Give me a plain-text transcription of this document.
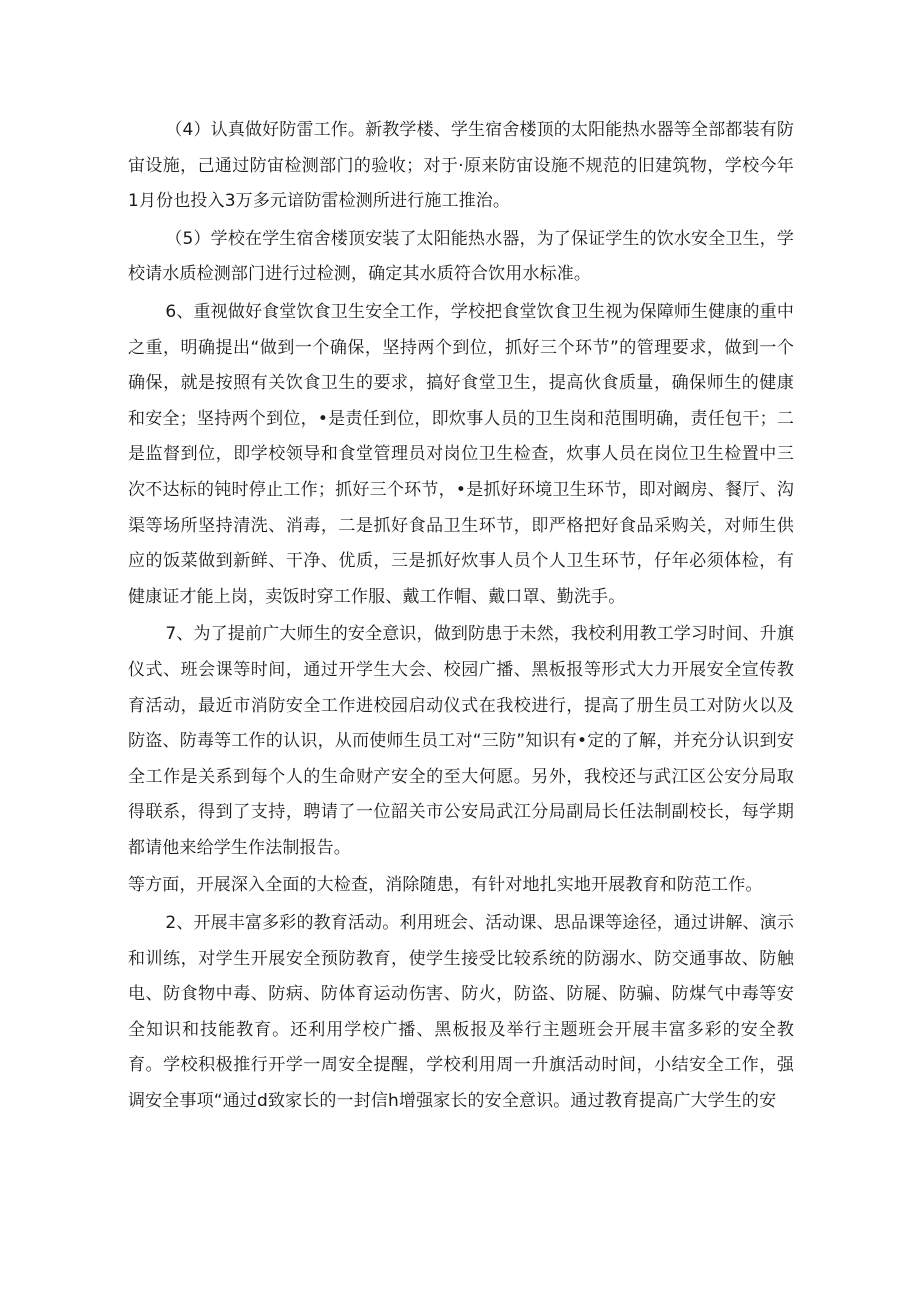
（4）认真做好防雷工作。新教学楼、学生宿舍楼顶的太阳能热水器等全部都装有防宙设施，己通过防宙检测部门的验收；对于·原来防宙设施不规范的旧建筑物，学校今年1月份也投入3万多元谙防雷检测所进行施工推治。

（5）学校在学生宿舍楼顶安装了太阳能热水器，为了保证学生的饮水安全卫生，学校请水质检测部门进行过检测，确定其水质符合饮用水标准。

6、重视做好食堂饮食卫生安全工作，学校把食堂饮食卫生视为保障师生健康的重中之重，明确提出“做到一个确保，坚持两个到位，抓好三个环节”的管理要求，做到一个确保，就是按照有关饮食卫生的要求，搞好食堂卫生，提高伙食质量，确保师生的健康和安全；坚持两个到位，•是责任到位，即炊事人员的卫生岗和范围明确，责任包干；二是监督到位，即学校领导和食堂管理员对岗位卫生检查，炊事人员在岗位卫生检置中三次不达标的钝时停止工作；抓好三个环节，•是抓好环境卫生环节，即对阚房、餐厅、沟渠等场所坚持清洗、消毒，二是抓好食品卫生环节，即严格把好食品采购关，对师生供应的饭菜做到新鲜、干净、优质，三是抓好炊事人员个人卫生环节，仔年必须体检，有健康证才能上岗，卖饭时穿工作服、戴工作帽、戴口罩、勤洗手。

7、为了提前广大师生的安全意识，做到防患于未然，我校利用教工学习时间、升旗仪式、班会课等时间，通过开学生大会、校园广播、黑板报等形式大力开展安全宣传教育活动，最近市消防安全工作进校园启动仪式在我校进行，提高了册生员工对防火以及防盗、防毒等工作的认识，从而使师生员工对“三防”知识有•定的了解，并充分认识到安全工作是关系到每个人的生命财产安全的至大何愿。另外，我校还与武江区公安分局取得联系，得到了支持，聘请了一位韶关市公安局武江分局副局长任法制副校长，每学期都请他来给学生作法制报告。

等方面，开展深入全面的大检查，消除随患，有针对地扎实地开展教育和防范工作。

2、开展丰富多彩的教育活动。利用班会、活动课、思品课等途径，通过讲解、演示和训练，对学生开展安全预防教育，使学生接受比较系统的防溺水、防交通事故、防触电、防食物中毒、防病、防体育运动伤害、防火，防盗、防屣、防骗、防煤气中毒等安全知识和技能教育。还利用学校广播、黑板报及举行主题班会开展丰富多彩的安全教育。学校积极推行开学一周安全提醒，学校利用周一升旗活动时间，小结安全工作，强调安全事项“通过d致家长的一封信h增强家长的安全意识。通过教育提高广大学生的安
